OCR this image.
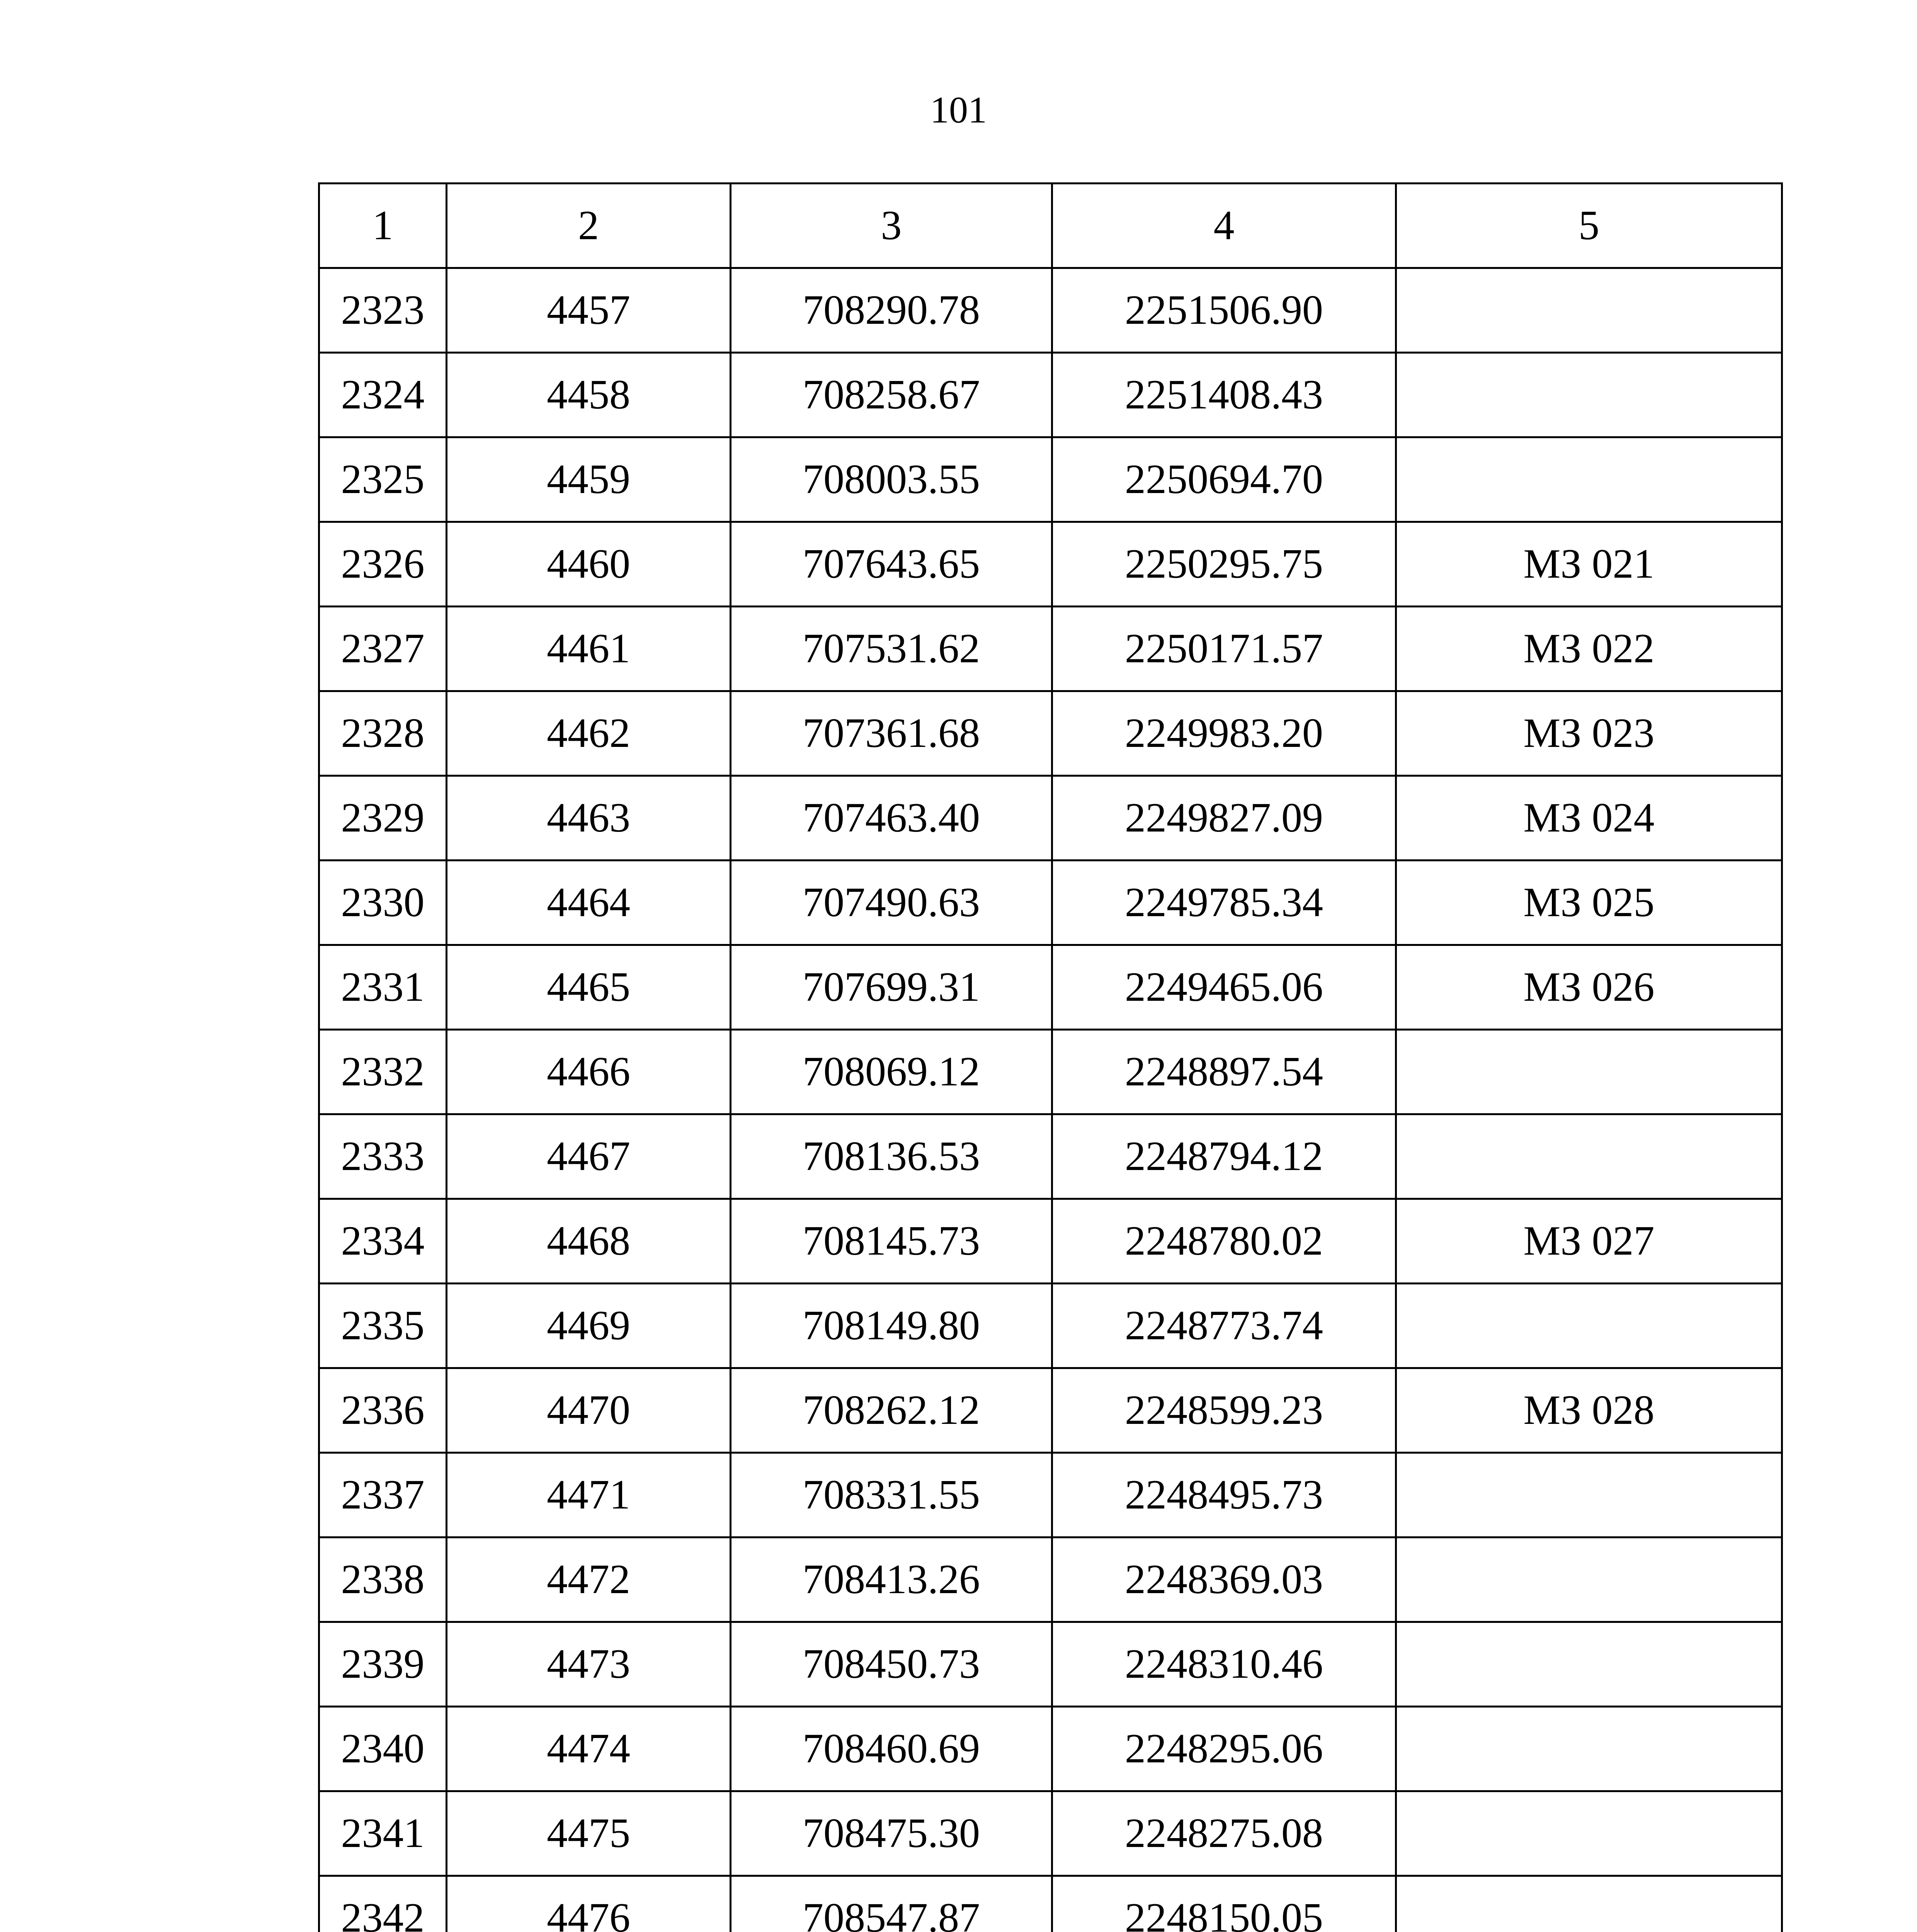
101
1	2	3	4	5
2323	4457	708290.78	2251506.90	
2324	4458	708258.67	2251408.43	
2325	4459	708003.55	2250694.70	
2326	4460	707643.65	2250295.75	МЗ 021
2327	4461	707531.62	2250171.57	МЗ 022
2328	4462	707361.68	2249983.20	МЗ 023
2329	4463	707463.40	2249827.09	МЗ 024
2330	4464	707490.63	2249785.34	МЗ 025
2331	4465	707699.31	2249465.06	МЗ 026
2332	4466	708069.12	2248897.54	
2333	4467	708136.53	2248794.12	
2334	4468	708145.73	2248780.02	МЗ 027
2335	4469	708149.80	2248773.74	
2336	4470	708262.12	2248599.23	МЗ 028
2337	4471	708331.55	2248495.73	
2338	4472	708413.26	2248369.03	
2339	4473	708450.73	2248310.46	
2340	4474	708460.69	2248295.06	
2341	4475	708475.30	2248275.08	
2342	4476	708547.87	2248150.05	
